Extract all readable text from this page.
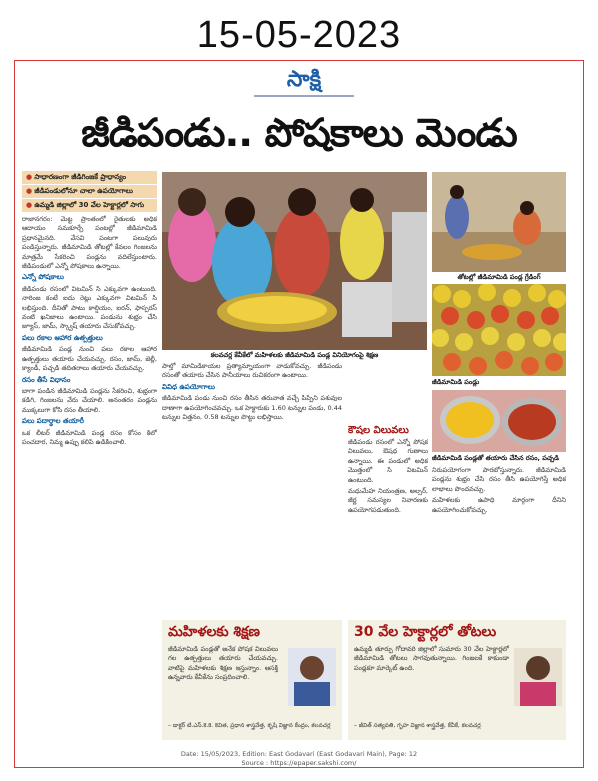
15-05-2023
సాక్షి
జీడిపండు.. పోషకాలు మెండు
● సాధారణంగా జీడిగింజకే ప్రాధాన్యం
● జీడిపండులోనూ చాలా ఉపయోగాలు
● ఉమ్మడి జిల్లాలో 30 వేల హెక్టార్లలో సాగు

రాజానగరం: మెట్ట ప్రాంతంలో రైతులకు అధిక ఆదాయం సమకూర్చే పంటల్లో జీడిమామిడి ప్రధానమైనది. వేసవి పంటగా పలువురు పండిస్తున్నారు. జీడిమామిడి తోటల్లో కేవలం గింజలను మాత్రమే సేకరించి పండ్లను వదిలేస్తుంటారు. జీడిపండులో ఎన్నో పోషకాలు ఉన్నాయి.

ఎన్నో పోషకాలు

జీడిపండు రసంలో విటమిన్‌ సి ఎక్కువగా ఉంటుంది. నారింజ కంటే ఐదు రెట్లు ఎక్కువగా విటమిన్‌ సి లభిస్తుంది. దీనితో పాటు కాల్షియం, ఐరన్‌, ఫాస్పరస్‌ వంటి ఖనిజాలు ఉంటాయి. పండును శుభ్రం చేసి జ్యూస్‌, జామ్‌, స్క్వాష్‌ తయారు చేసుకోవచ్చు.

పలు రకాల ఆహార ఉత్పత్తులు

జీడిమామిడి పండ్ల నుంచి పలు రకాల ఆహార ఉత్పత్తులు తయారు చేయవచ్చు. రసం, జామ్‌, జెల్లీ, క్యాండీ, పచ్చడి తదితరాలు తయారు చేయవచ్చు.

రసం తీసే విధానం

బాగా పండిన జీడిమామిడి పండ్లను సేకరించి, శుభ్రంగా కడిగి, గింజలను వేరు చేయాలి. అనంతరం పండ్లను ముక్కలుగా కోసి రసం తీయాలి.

పలు పదార్థాల తయారీ

ఒక లీటర్‌ జీడిమామిడి పండ్ల రసం కోసం కిలో పంచదార, నిమ్మ ఉప్పు కలిపి ఉడికించాలి.

కలవచర్ల కేవీకేలో మహిళలకు జీడిమామిడి పండ్ల వినియోగంపై శిక్షణ
తోటల్లో జీడిమామిడి పండ్ల గ్రేడింగ్‌
జీడిమామిడి పండ్లు
జీడిమామిడి పండ్లతో తయారు చేసిన రసం, పచ్చడి

పాల్తో మామిడికాయల ప్రత్యామ్నాయంగా వాడుకోవచ్చు. జీడిపండు రసంతో తయారు చేసిన పానీయాలు రుచికరంగా ఉంటాయి.

వివిధ ఉపయోగాలు

జీడిమామిడి పండు నుంచి రసం తీసిన తరువాత వచ్చే పిప్పిని పశువుల దాణాగా ఉపయోగించవచ్చు. ఒక హెక్టారుకు 1.60 టన్నుల పండు, 0.44 టన్నుల విత్తనం, 0.58 టన్నుల పొట్టు లభిస్తాయి.

కౌషల విలువలు

జీడిపండు రసంలో ఎన్నో పోషక విలువలు, ఔషధ గుణాలు ఉన్నాయి. ఈ పండులో అధిక మొత్తంలో సి విటమిన్‌ ఉంటుంది.

మధుమేహ నియంత్రణ, అల్సర్‌, జీర్ణ సమస్యల నివారణకు ఉపయోగపడుతుంది.

నిరుపయోగంగా పారబోస్తున్నారు. జీడిమామిడి పండ్లను శుభ్రం చేసి రసం తీసి ఉపయోగిస్తే అధిక లాభాలు పొందవచ్చు.

మహిళలకు ఉపాధి మార్గంగా దీనిని ఉపయోగించుకోవచ్చు.

మహిళలకు శిక్షణ
జీడిమామిడి పండ్లతో అనేక పోషక విలువలు గల ఉత్పత్తులు తయారు చేయవచ్చు. వాటిపై మహిళలకు శిక్షణ ఇస్తున్నాం. ఆసక్తి ఉన్నవారు కేవీకేను సంప్రదించాలి.
– డాక్టర్‌ టి.ఎస్‌.కె.కె. కెవిత, ప్రధాన శాస్త్రవేత్త, కృషి విజ్ఞాన కేంద్రం, కలవచర్ల
30 వేల హెక్టార్లలో తోటలు
ఉమ్మడి తూర్పు గోదావరి జిల్లాలో సుమారు 30 వేల హెక్టార్లలో జీడిమామిడి తోటలు సాగవుతున్నాయి. గింజలకే కాకుండా పండ్లకూ మార్కెట్‌ ఉంది.
– జీవిత్‌ సత్యవతి, గృహ విజ్ఞాన శాస్త్రవేత్త, కేవీకే, కలవచర్ల
Date: 15/05/2023, Edition: East Godavari (East Godavari Main), Page: 12
Source : https://epaper.sakshi.com/
